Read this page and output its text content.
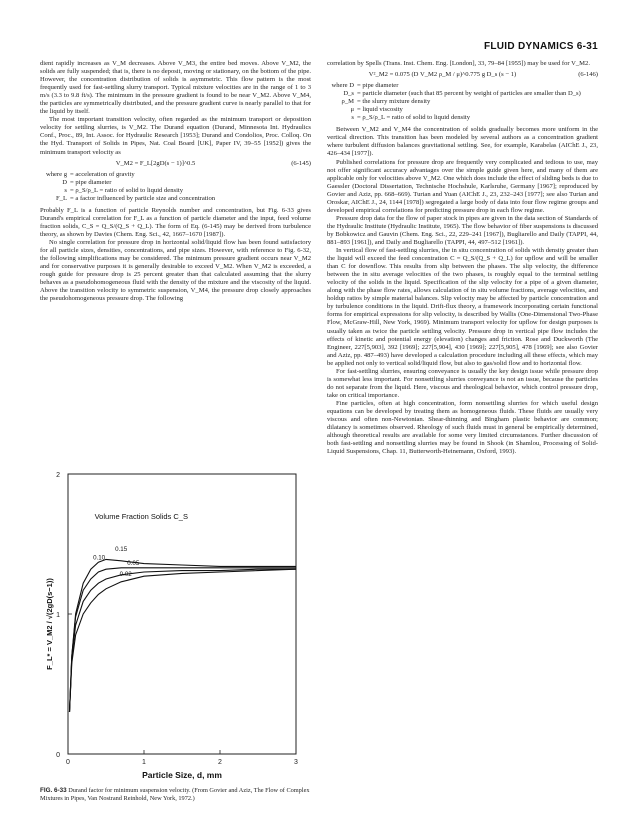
FLUID DYNAMICS 6-31

dient rapidly increases as V_M decreases. Above V_M3, the entire bed moves. Above V_M2, the solids are fully suspended; that is, there is no deposit, moving or stationary, on the bottom of the pipe. However, the concentration distribution of solids is asymmetric. This flow pattern is the most frequently used for fast-settling slurry transport. Typical mixture velocities are in the range of 1 to 3 m/s (3.3 to 9.8 ft/s). The minimum in the pressure gradient is found to be near V_M2. Above V_M4, the particles are symmetrically distributed, and the pressure gradient curve is nearly parallel to that for the liquid by itself.

The most important transition velocity, often regarded as the minimum transport or deposition velocity for settling slurries, is V_M2. The Durand equation (Durand, Minnesota Int. Hydraulics Conf., Proc., 89, Int. Assoc. for Hydraulic Research [1953]; Durand and Condolios, Proc. Colloq. On the Hyd. Transport of Solids in Pipes, Nat. Coal Board [UK], Paper IV, 39–55 [1952]) gives the minimum transport velocity as

V_M2 = F_L[2gD(s − 1)]^0.5	(6-145)
where g = acceleration of gravity
D = pipe diameter
s = ρ_S/ρ_L = ratio of solid to liquid density
F_L = a factor influenced by particle size and concentration

Probably F_L is a function of particle Reynolds number and concentration, but Fig. 6-33 gives Durand's empirical correlation for F_L as a function of particle diameter and the input, feed volume fraction solids, C_S = Q_S/(Q_S + Q_L). The form of Eq. (6-145) may be derived from turbulence theory, as shown by Davies (Chem. Eng. Sci., 42, 1667–1670 [1987]).

No single correlation for pressure drop in horizontal solid/liquid flow has been found satisfactory for all particle sizes, densities, concentrations, and pipe sizes. However, with reference to Fig. 6-32, the following simplifications may be considered. The minimum pressure gradient occurs near V_M2 and for conservative purposes it is generally desirable to exceed V_M2. When V_M2 is exceeded, a rough guide for pressure drop is 25 percent greater than that calculated assuming that the slurry behaves as a pseudohomogeneous fluid with the density of the mixture and the viscosity of the liquid. Above the transition velocity to symmetric suspension, V_M4, the pressure drop closely approaches the pseudohomogeneous pressure drop. The following

correlation by Spells (Trans. Inst. Chem. Eng. [London], 33, 79–84 [1955]) may be used for V_M2.

V²_M2 = 0.075 (D V_M2 ρ_M / μ)^0.775 g D_s (s − 1)	(6-146)
where D = pipe diameter
D_s = particle diameter (such that 85 percent by weight of particles are smaller than D_s)
ρ_M = the slurry mixture density
μ = liquid viscosity
s = ρ_S/ρ_L = ratio of solid to liquid density

Between V_M2 and V_M4 the concentration of solids gradually becomes more uniform in the vertical direction. This transition has been modeled by several authors as a concentration gradient where turbulent diffusion balances gravitational settling. See, for example, Karabelas (AIChE J., 23, 426–434 [1977]).

Published correlations for pressure drop are frequently very complicated and tedious to use, may not offer significant accuracy advantages over the simple guide given here, and many of them are applicable only for velocities above V_M2. One which does include the effect of sliding beds is due to Gaessler (Doctoral Dissertation, Technische Hochshule, Karlsruhe, Germany [1967]; reproduced by Govier and Aziz, pp. 668–669). Turian and Yuan (AIChE J., 23, 232–243 [1977]; see also Turian and Oroskar, AIChE J., 24, 1144 [1978]) segregated a large body of data into four flow regime groups and developed empirical correlations for predicting pressure drop in each flow regime.

Pressure drop data for the flow of paper stock in pipes are given in the data section of Standards of the Hydraulic Institute (Hydraulic Institute, 1965). The flow behavior of fiber suspensions is discussed by Bobkowicz and Gauvin (Chem. Eng. Sci., 22, 229–241 [1967]), Bugliarello and Daily (TAPPI, 44, 881–893 [1961]), and Daily and Bugliarello (TAPPI, 44, 497–512 [1961]).

In vertical flow of fast-settling slurries, the in situ concentration of solids with density greater than the liquid will exceed the feed concentration C = Q_S/(Q_S + Q_L) for upflow and will be smaller than C for downflow. This results from slip between the phases. The slip velocity, the difference between the in situ average velocities of the two phases, is roughly equal to the terminal settling velocity of the solids in the liquid. Specification of the slip velocity for a pipe of a given diameter, along with the phase flow rates, allows calculation of in situ volume fractions, average velocities, and holdup ratios by simple material balances. Slip velocity may be affected by particle concentration and by turbulence conditions in the liquid. Drift-flux theory, a framework incorporating certain functional forms for empirical expressions for slip velocity, is described by Wallis (One-Dimensional Two-Phase Flow, McGraw-Hill, New York, 1969). Minimum transport velocity for upflow for design purposes is usually taken as twice the particle settling velocity. Pressure drop in vertical pipe flow includes the effects of kinetic and potential energy (elevation) changes and friction. Rose and Duckworth (The Engineer, 227[5,903], 392 [1969]; 227[5,904], 430 [1969]; 227[5,905], 478 [1969]; see also Govier and Aziz, pp. 487–493) have developed a calculation procedure including all these effects, which may be applied not only to vertical solid/liquid flow, but also to gas/solid flow and to horizontal flow.

For fast-settling slurries, ensuring conveyance is usually the key design issue while pressure drop is somewhat less important. For nonsettling slurries conveyance is not an issue, because the particles do not separate from the liquid. Here, viscous and rheological behavior, which control pressure drop, take on critical importance.

Fine particles, often at high concentration, form nonsettling slurries for which useful design equations can be developed by treating them as homogeneous fluids. These fluids are usually very viscous and often non-Newtonian. Shear-thinning and Bingham plastic behavior are common; dilatancy is sometimes observed. Rheology of such fluids must in general be empirically determined, although theoretical results are available for some very limited circumstances. Further discussion of both fast-settling and nonsettling slurries may be found in Shook (in Shamlou, Processing of Solid-Liquid Suspensions, Chap. 11, Butterworth-Heinemann, Oxford, 1993).

0
1
2
0	1	2	3
0.15
0.10
0.05
0.02
Volume Fraction Solids C_S
Particle Size, d, mm
F_L* = V_M2 / √(2gD(s−1))
FIG. 6-33 Durand factor for minimum suspension velocity. (From Govier and Aziz, The Flow of Complex Mixtures in Pipes, Van Nostrand Reinhold, New York, 1972.)
